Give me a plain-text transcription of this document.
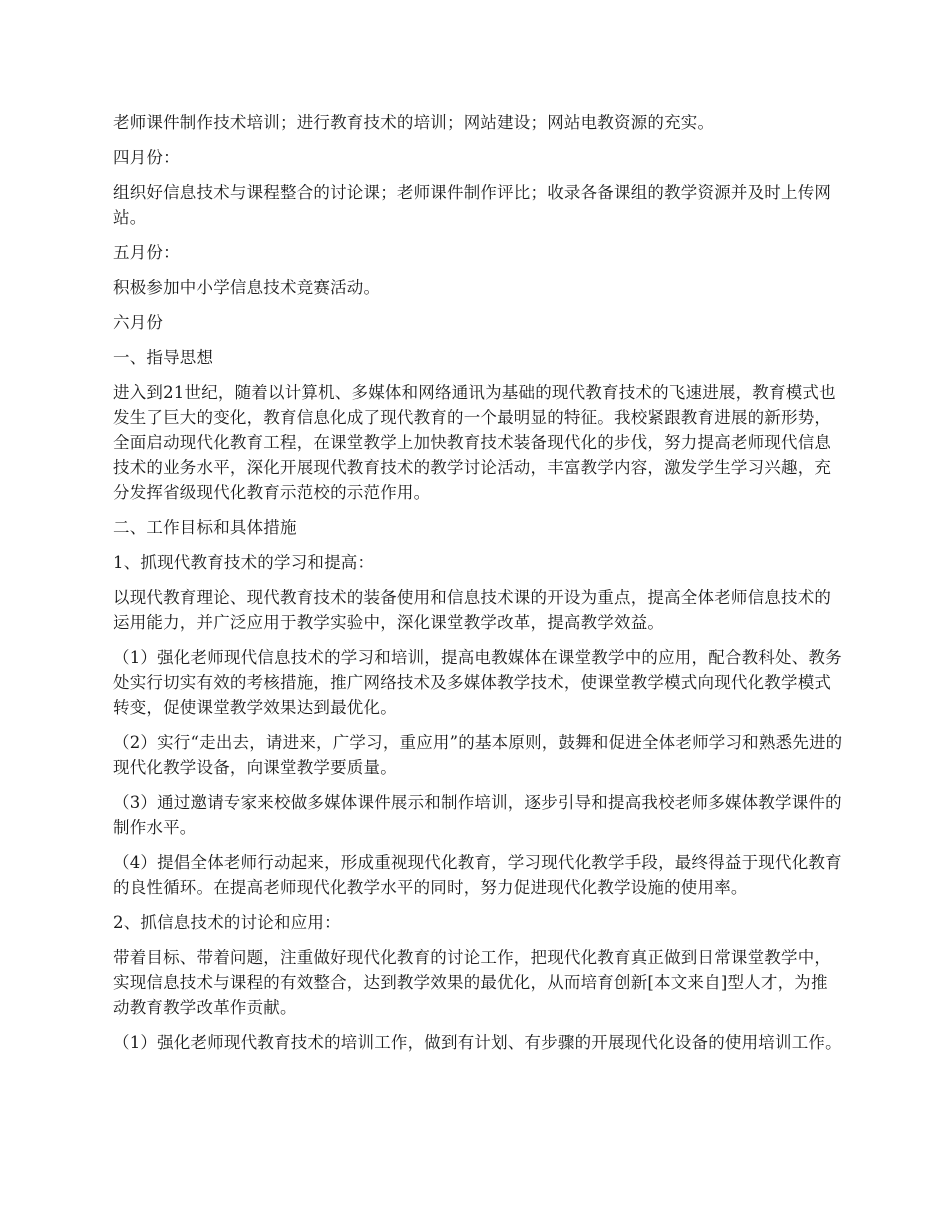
老师课件制作技术培训；进行教育技术的培训；网站建设；网站电教资源的充实。

四月份：

组织好信息技术与课程整合的讨论课；老师课件制作评比；收录各备课组的教学资源并及时上传网站。

五月份：

积极参加中小学信息技术竞赛活动。

六月份

一、指导思想

进入到21世纪，随着以计算机、多媒体和网络通讯为基础的现代教育技术的飞速进展，教育模式也发生了巨大的变化，教育信息化成了现代教育的一个最明显的特征。我校紧跟教育进展的新形势，全面启动现代化教育工程，在课堂教学上加快教育技术装备现代化的步伐，努力提高老师现代信息技术的业务水平，深化开展现代教育技术的教学讨论活动，丰富教学内容，激发学生学习兴趣，充分发挥省级现代化教育示范校的示范作用。

二、工作目标和具体措施

1、抓现代教育技术的学习和提高：

以现代教育理论、现代教育技术的装备使用和信息技术课的开设为重点，提高全体老师信息技术的运用能力，并广泛应用于教学实验中，深化课堂教学改革，提高教学效益。

（1）强化老师现代信息技术的学习和培训，提高电教媒体在课堂教学中的应用，配合教科处、教务处实行切实有效的考核措施，推广网络技术及多媒体教学技术，使课堂教学模式向现代化教学模式转变，促使课堂教学效果达到最优化。

（2）实行“走出去，请进来，广学习，重应用”的基本原则，鼓舞和促进全体老师学习和熟悉先进的现代化教学设备，向课堂教学要质量。

（3）通过邀请专家来校做多媒体课件展示和制作培训，逐步引导和提高我校老师多媒体教学课件的制作水平。

（4）提倡全体老师行动起来，形成重视现代化教育，学习现代化教学手段，最终得益于现代化教育的良性循环。在提高老师现代化教学水平的同时，努力促进现代化教学设施的使用率。

2、抓信息技术的讨论和应用：

带着目标、带着问题，注重做好现代化教育的讨论工作，把现代化教育真正做到日常课堂教学中，实现信息技术与课程的有效整合，达到教学效果的最优化，从而培育创新[本文来自]型人才，为推动教育教学改革作贡献。

（1）强化老师现代教育技术的培训工作，做到有计划、有步骤的开展现代化设备的使用培训工作。
